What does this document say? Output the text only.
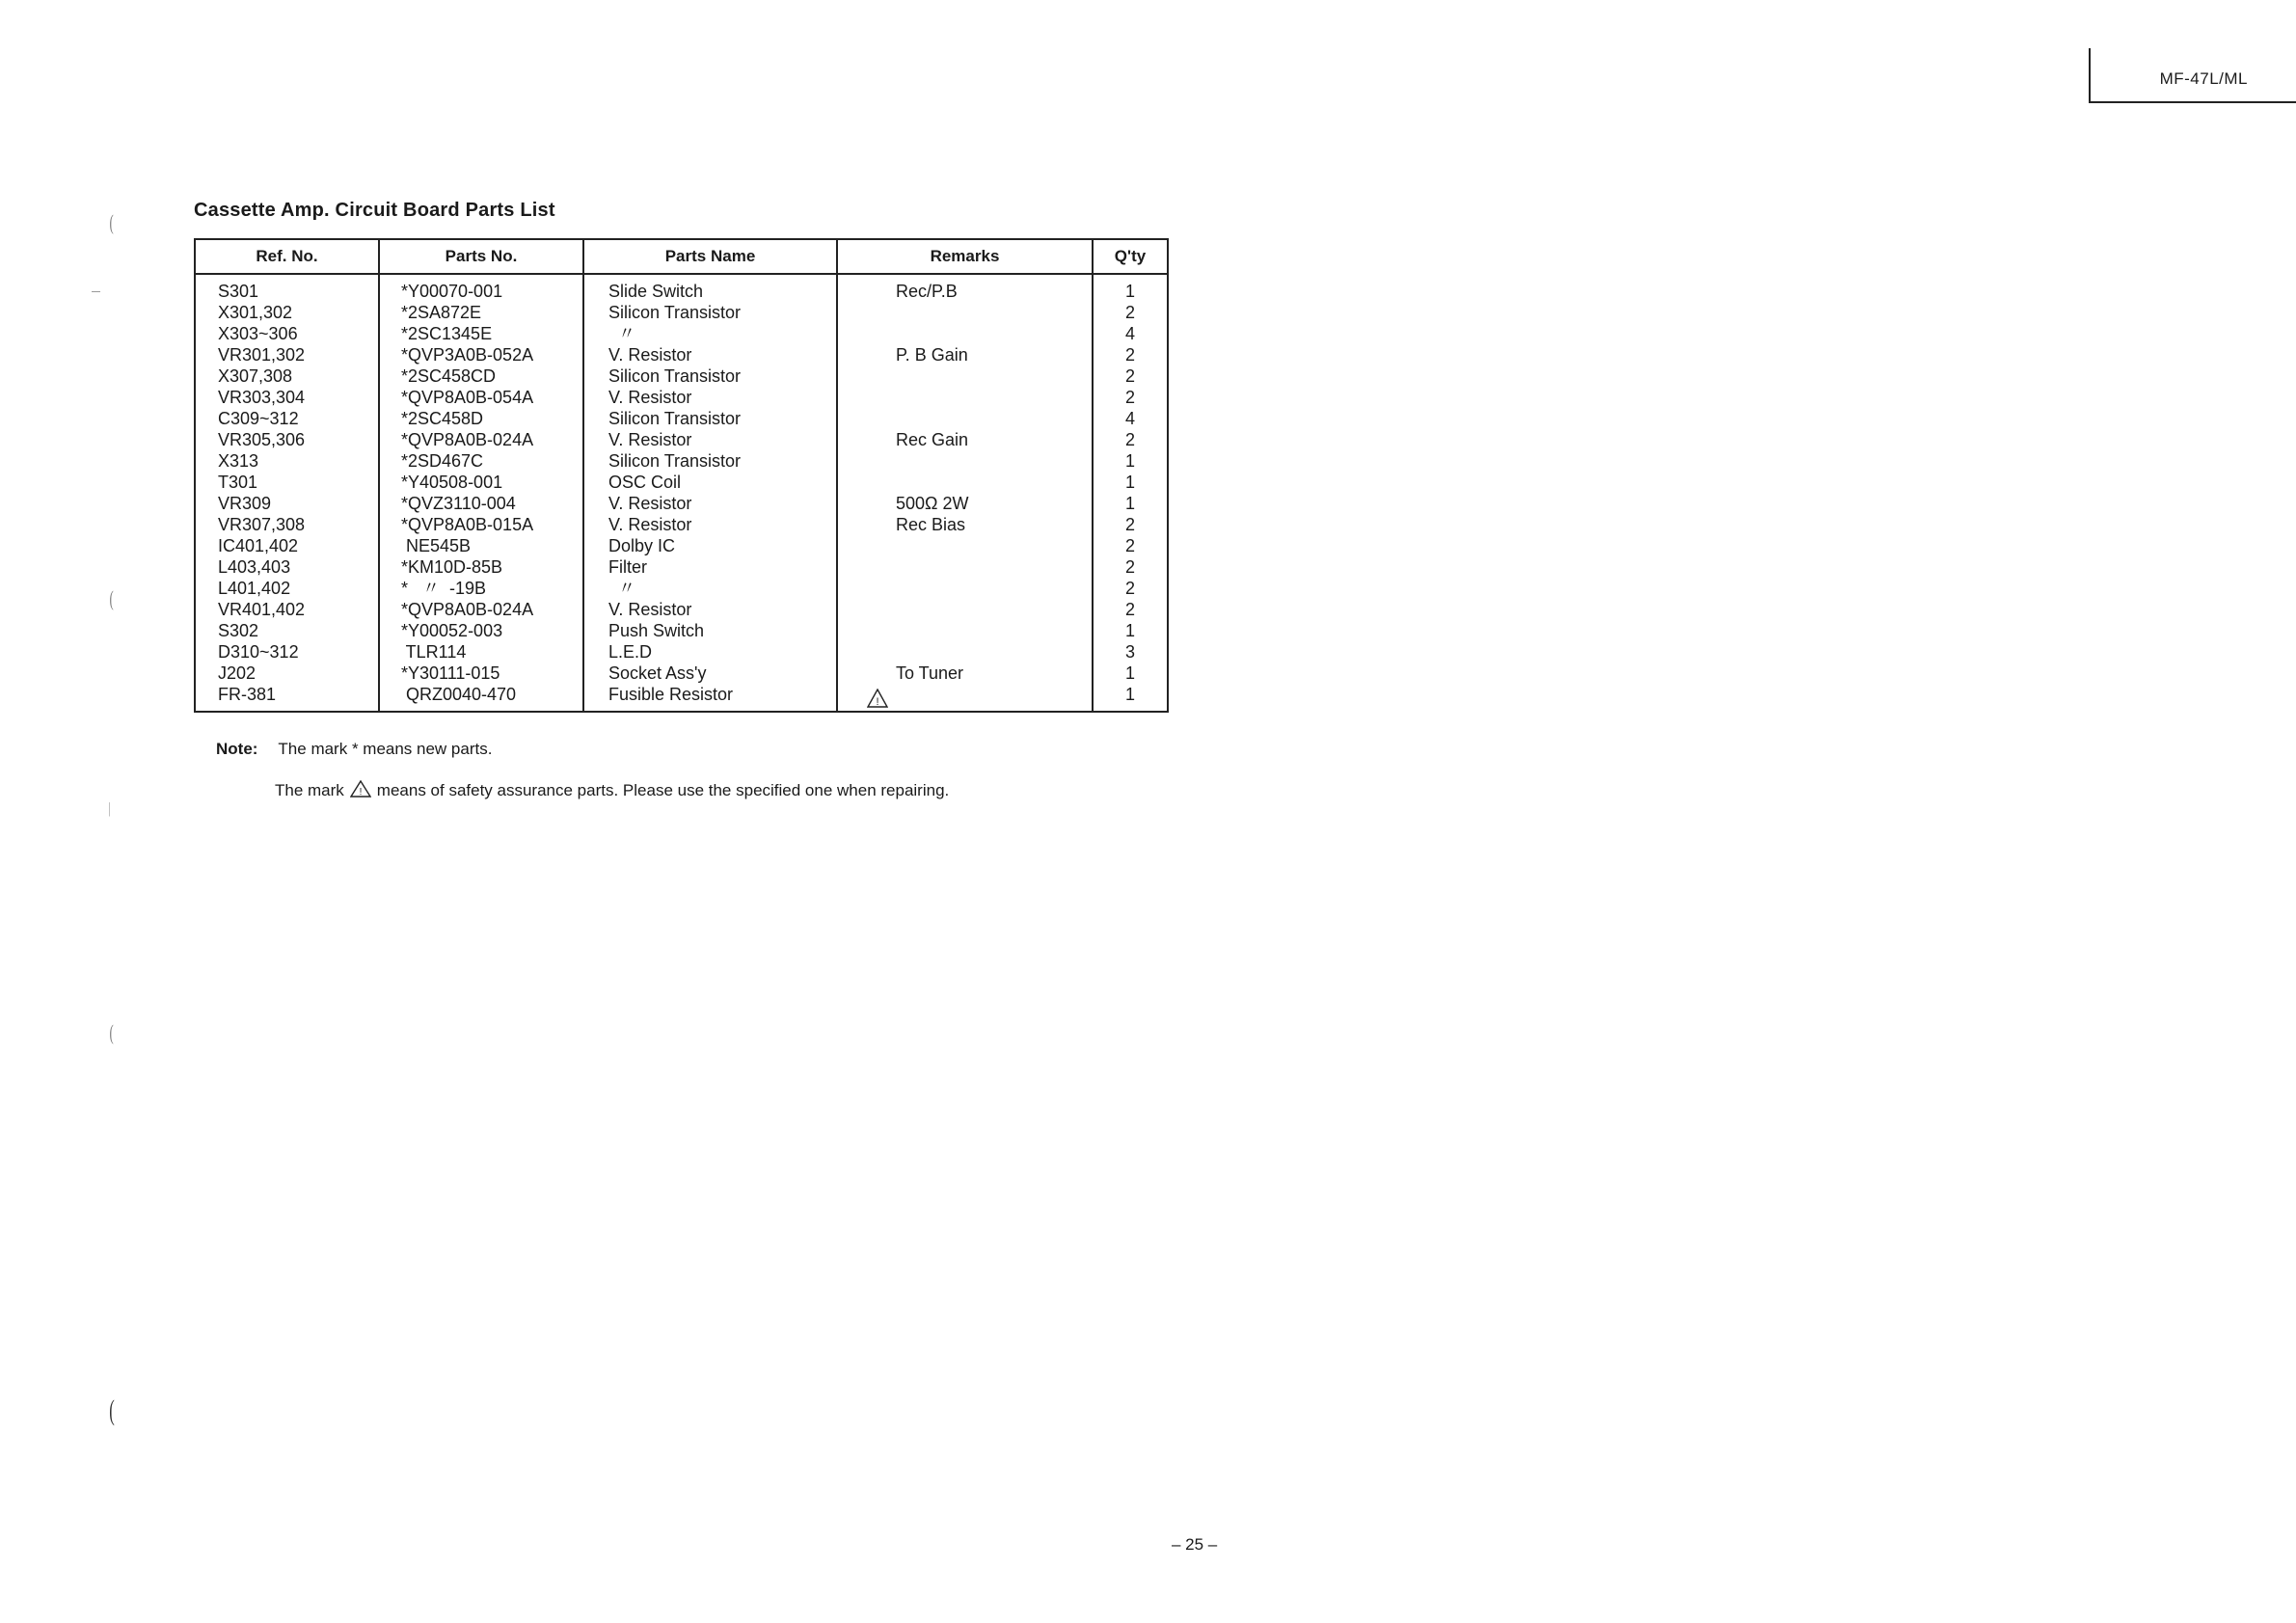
MF-47L/ML
(
(
|
(
(
Cassette Amp. Circuit Board Parts List
Ref. No.	Parts No.	Parts Name	Remarks	Q'ty
S301	*Y00070-001	Slide Switch	Rec/P.B	1
X301,302	*2SA872E	Silicon Transistor		2
X303~306	*2SC1345E	〃		4
VR301,302	*QVP3A0B-052A	V. Resistor	P. B Gain	2
X307,308	*2SC458CD	Silicon Transistor		2
VR303,304	*QVP8A0B-054A	V. Resistor		2
C309~312	*2SC458D	Silicon Transistor		4
VR305,306	*QVP8A0B-024A	V. Resistor	Rec Gain	2
X313	*2SD467C	Silicon Transistor		1
T301	*Y40508-001	OSC Coil		1
VR309	*QVZ3110-004	V. Resistor	500Ω 2W	1
VR307,308	*QVP8A0B-015A	V. Resistor	Rec Bias	2
IC401,402	NE545B	Dolby IC		2
L403,403	*KM10D-85B	Filter		2
L401,402	*   〃  -19B	〃		2
VR401,402	*QVP8A0B-024A	V. Resistor		2
S302	*Y00052-003	Push Switch		1
D310~312	TLR114	L.E.D		3
J202	*Y30111-015	Socket Ass'y	To Tuner	1
FR-381	QRZ0040-470	Fusible Resistor	!	1
Note: The mark * means new parts.
The mark ! means of safety assurance parts. Please use the specified one when repairing.
– 25 –
